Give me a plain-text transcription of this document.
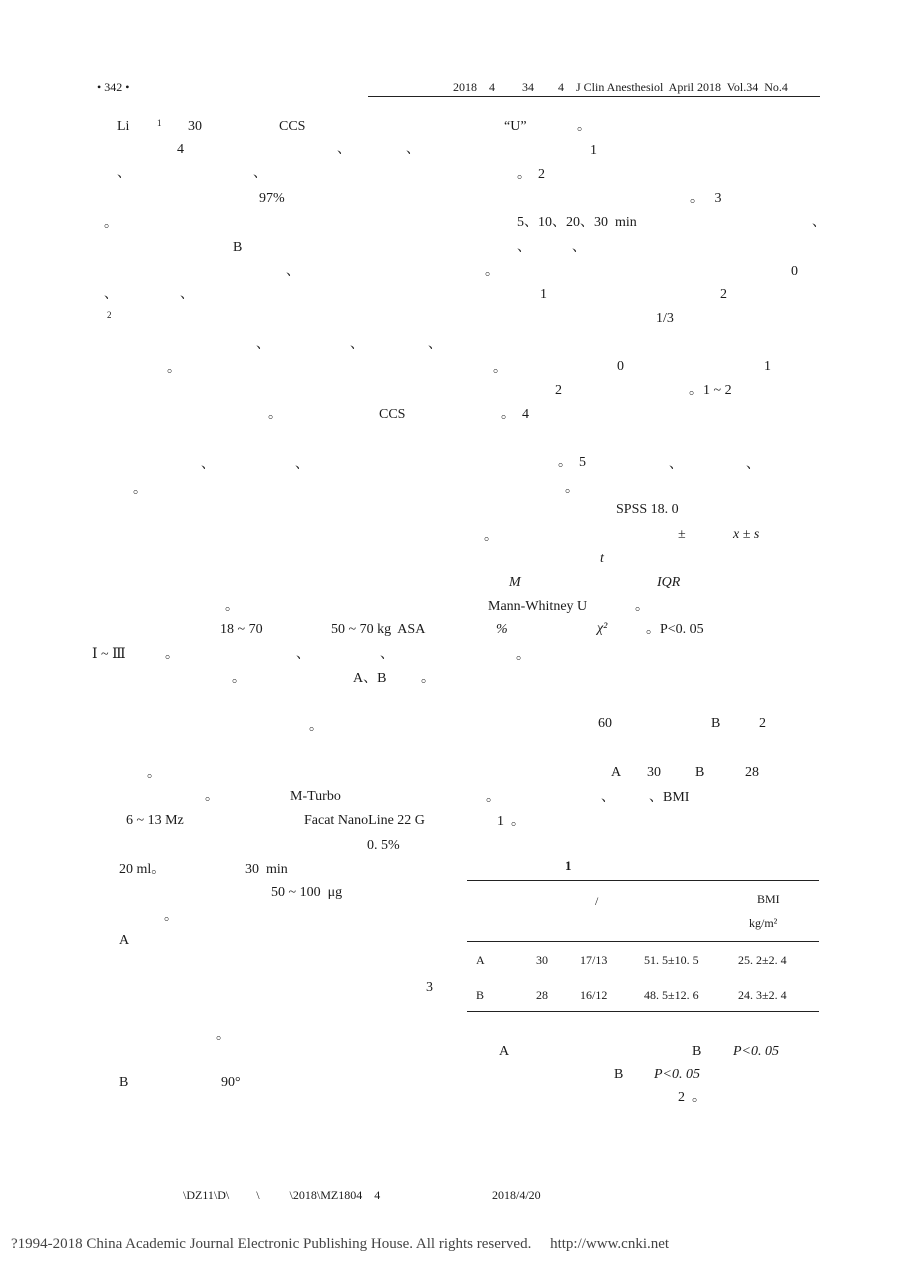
• 342 •	2018    4         34        4    J Clin Anesthesiol  April 2018  Vol.34  No.4
Li	1 30	CCS
4	、	、
、	、
97%
。
B
、
、	、
2
、	、	、
。
。	CCS
、	、
。
。
18 ~ 70	50 ~ 70 kg  ASA
Ⅰ ~ Ⅲ	。	、	、
。	A、B 。
。
。
。	M-Turbo
6 ~ 13 Mz	Facat NanoLine 22 G
0. 5%
20 ml。	30  min
50 ~ 100  μg
。
A
3
。
B	90°
“U”	。
1
。  2
。   3
5、10、20、30  min	、
、	、
。	0
1	2
1/3
。	0	1
2	。1 ~ 2
。  4
。  5	、	、
。
SPSS 18. 0
。	±	x ± s
t
M	IQR
Mann-Whitney U	。
%	χ²	。P<0. 05
。
60	B	2
A 30 B	28
。	、 、BMI
1  。
1
/	BMI
kg/m²
A	30	17/13	51. 5±10. 5	25. 2±2. 4
B	28	16/12	48. 5±12. 6	24. 3±2. 4
A	B P<0. 05
B P<0. 05
2  。
\DZ11\D\         \          \2018\MZ1804    4	2018/4/20
?1994-2018 China Academic Journal Electronic Publishing House. All rights reserved.     http://www.cnki.net
